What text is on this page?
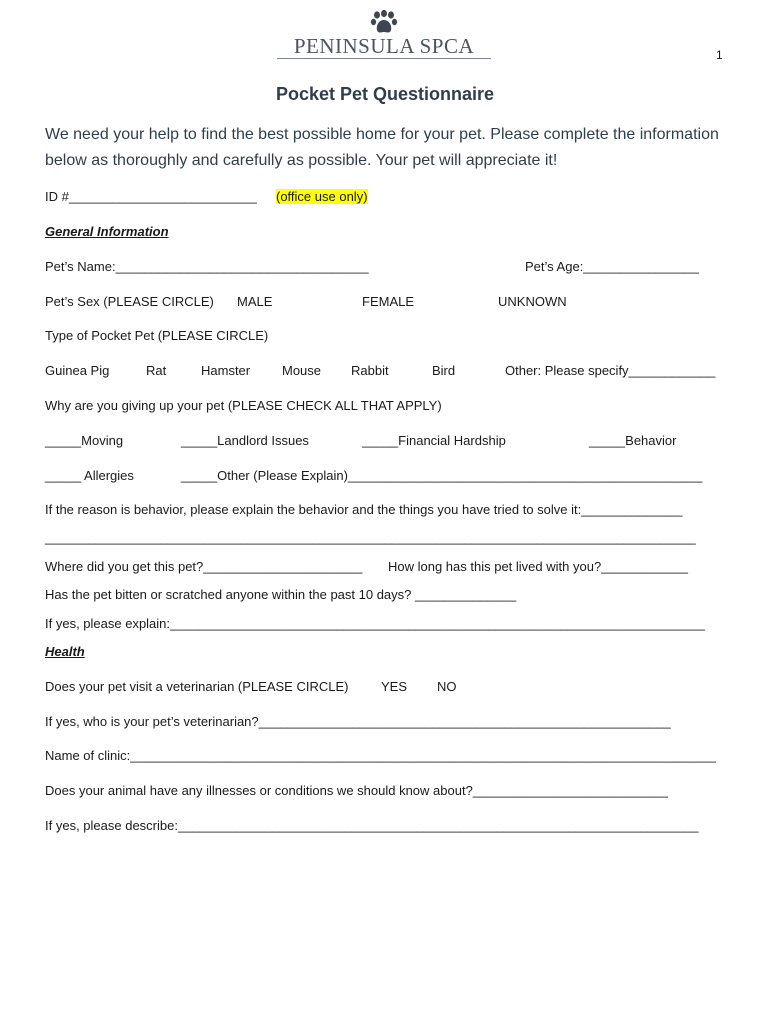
1
PENINSULA SPCA
Pocket Pet Questionnaire
We need your help to find the best possible home for your pet. Please complete the information below as thoroughly and carefully as possible. Your pet will appreciate it!
ID #__________________________ (office use only)
General Information
Pet’s Name:___________________________________	Pet’s Age:________________
Pet’s Sex (PLEASE CIRCLE) MALE	FEMALE	UNKNOWN
Type of Pocket Pet (PLEASE CIRCLE)
Guinea Pig	Rat	Hamster Mouse Rabbit	Bird	Other: Please specify____________
Why are you giving up your pet (PLEASE CHECK ALL THAT APPLY)
_____Moving	_____Landlord Issues	_____Financial Hardship	_____Behavior
_____ Allergies	_____Other (Please Explain)_________________________________________________
If the reason is behavior, please explain the behavior and the things you have tried to solve it:______________
__________________________________________________________________________________________
Where did you get this pet?______________________ How long has this pet lived with you?____________
Has the pet bitten or scratched anyone within the past 10 days? ______________
If yes, please explain:__________________________________________________________________________
Health
Does your pet visit a veterinarian (PLEASE CIRCLE)	YES NO
If yes, who is your pet’s veterinarian?_________________________________________________________
Name of clinic:_________________________________________________________________________________
Does your animal have any illnesses or conditions we should know about?___________________________
If yes, please describe:________________________________________________________________________
